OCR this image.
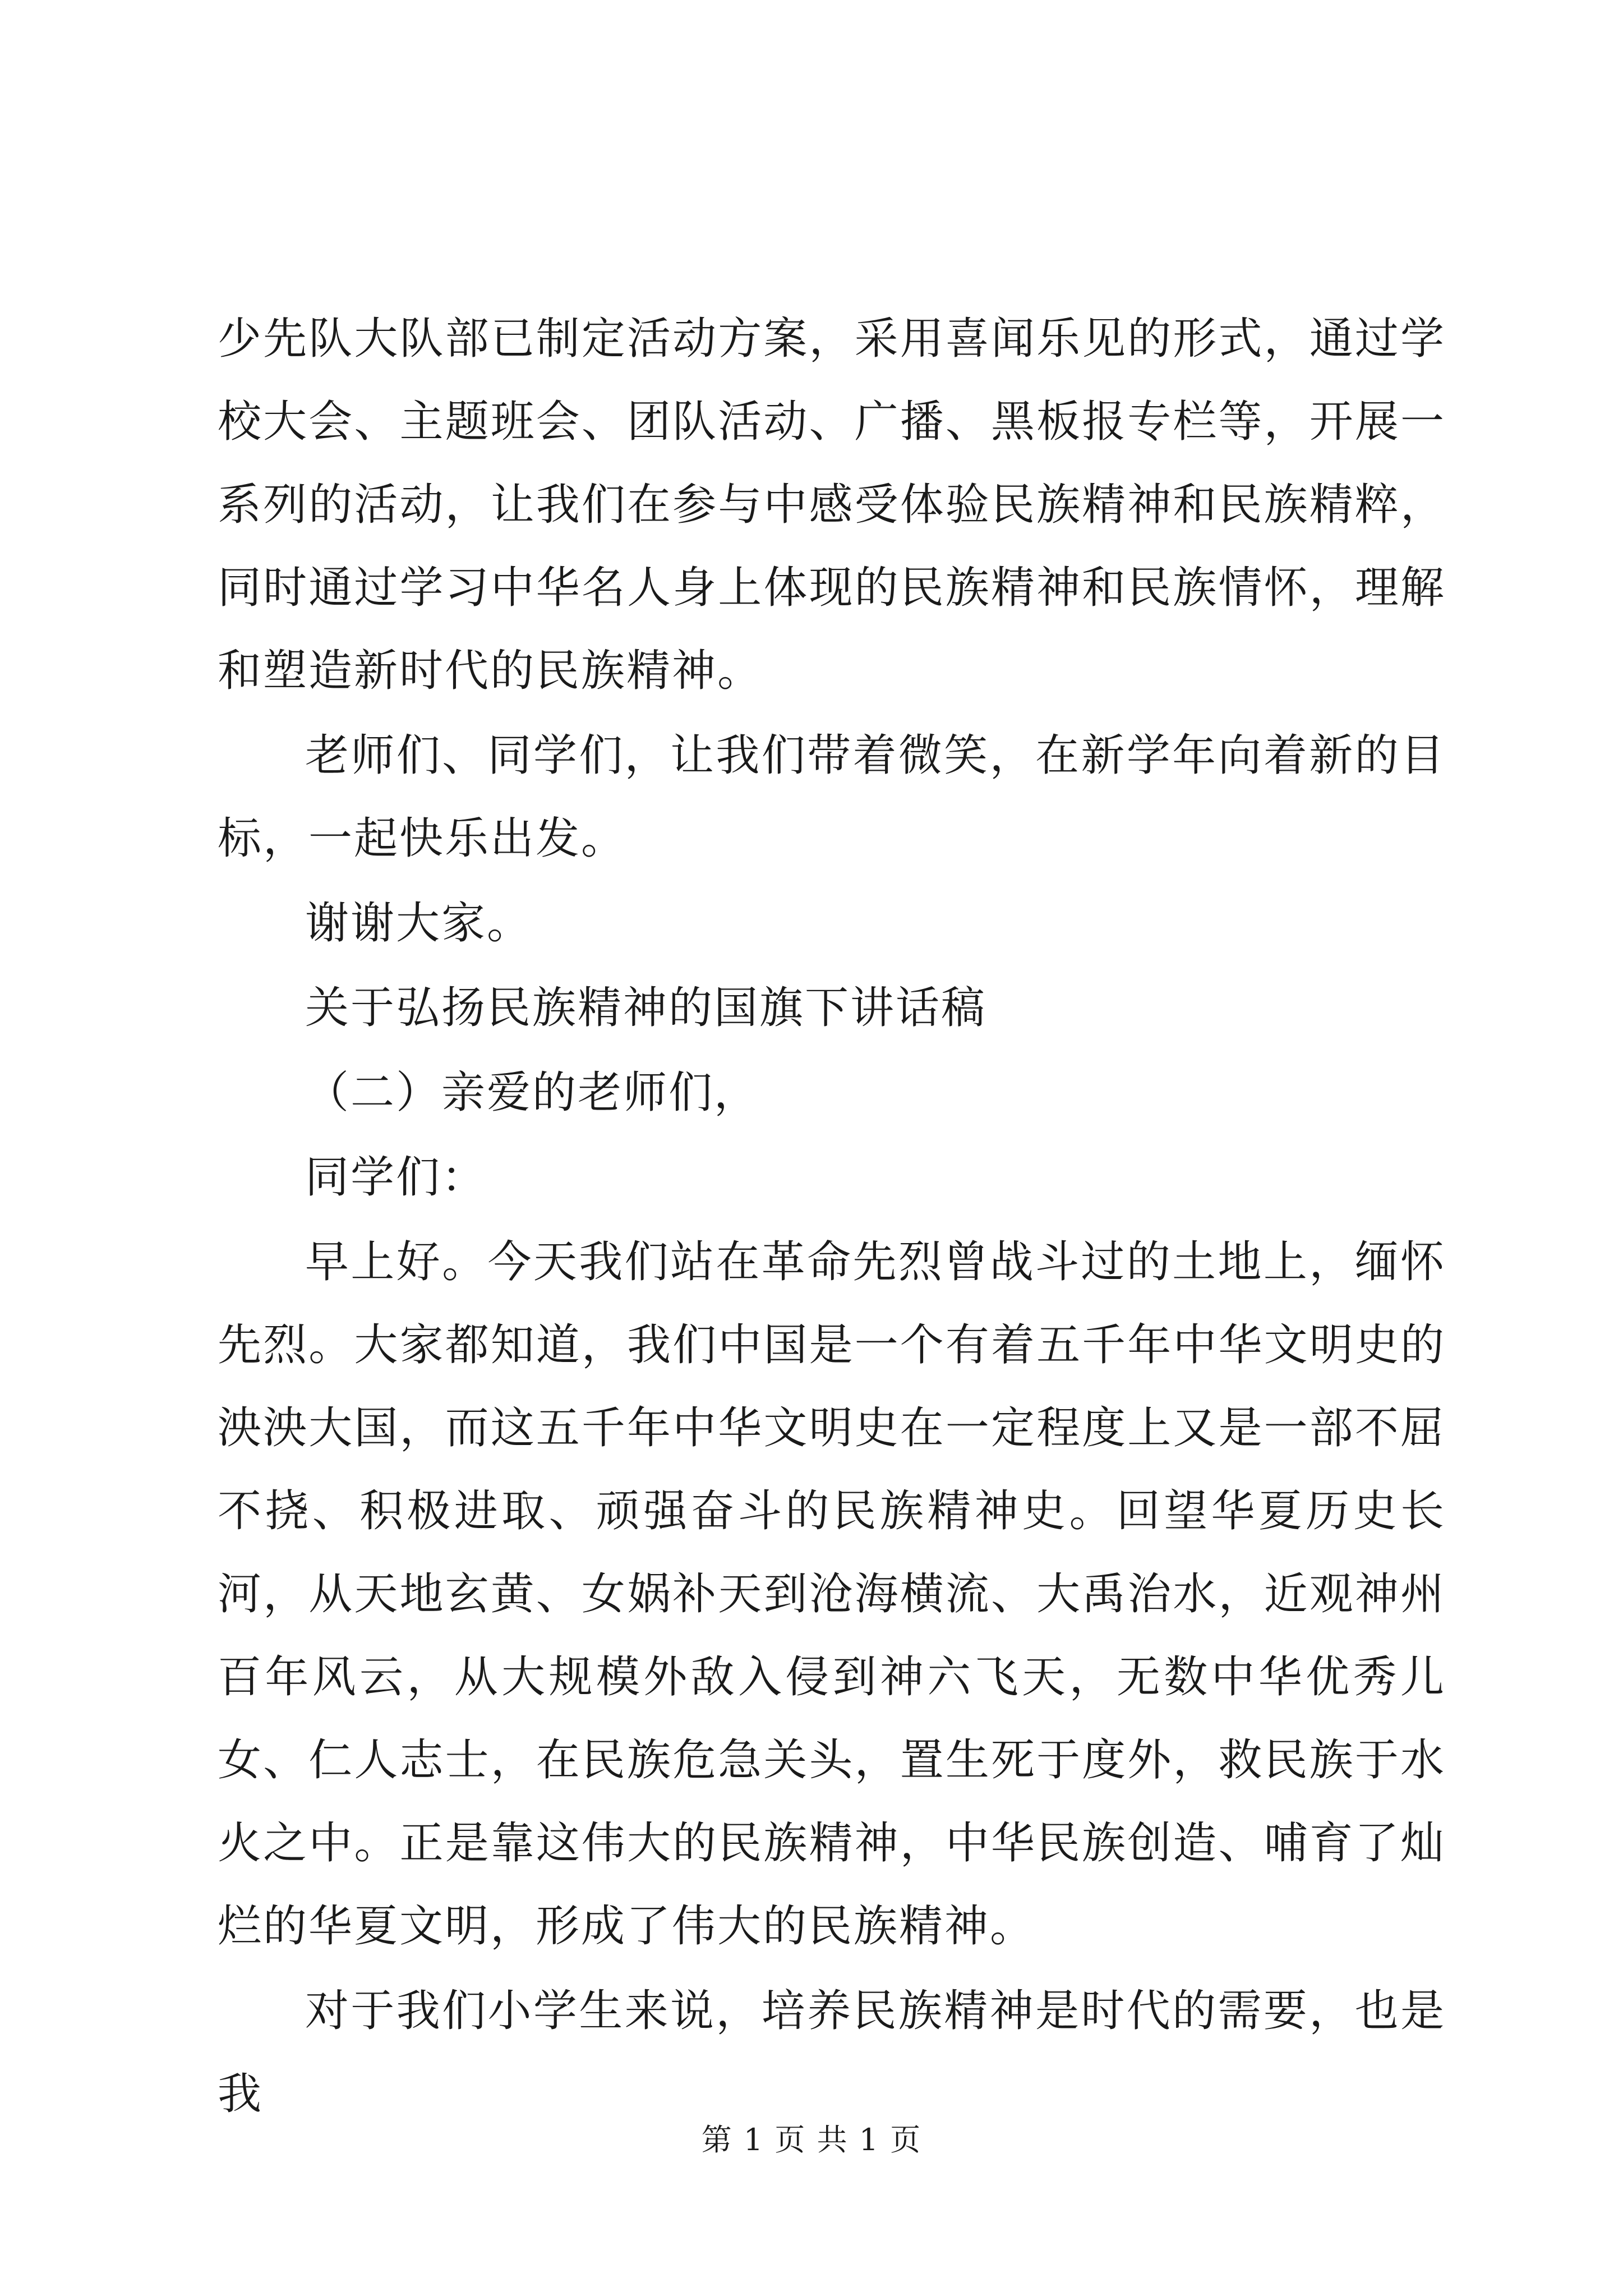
少先队大队部已制定活动方案，采用喜闻乐见的形式，通过学校大会、主题班会、团队活动、广播、黑板报专栏等，开展一系列的活动，让我们在参与中感受体验民族精神和民族精粹，同时通过学习中华名人身上体现的民族精神和民族情怀，理解和塑造新时代的民族精神。

老师们、同学们，让我们带着微笑，在新学年向着新的目标，一起快乐出发。

谢谢大家。

关于弘扬民族精神的国旗下讲话稿

（二）亲爱的老师们，

同学们：

早上好。今天我们站在革命先烈曾战斗过的土地上，缅怀先烈。大家都知道，我们中国是一个有着五千年中华文明史的泱泱大国，而这五千年中华文明史在一定程度上又是一部不屈不挠、积极进取、顽强奋斗的民族精神史。回望华夏历史长河，从天地玄黄、女娲补天到沧海横流、大禹治水，近观神州百年风云，从大规模外敌入侵到神六飞天，无数中华优秀儿女、仁人志士，在民族危急关头，置生死于度外，救民族于水火之中。正是靠这伟大的民族精神，中华民族创造、哺育了灿烂的华夏文明，形成了伟大的民族精神。

对于我们小学生来说，培养民族精神是时代的需要，也是我

第 1 页 共 1 页
